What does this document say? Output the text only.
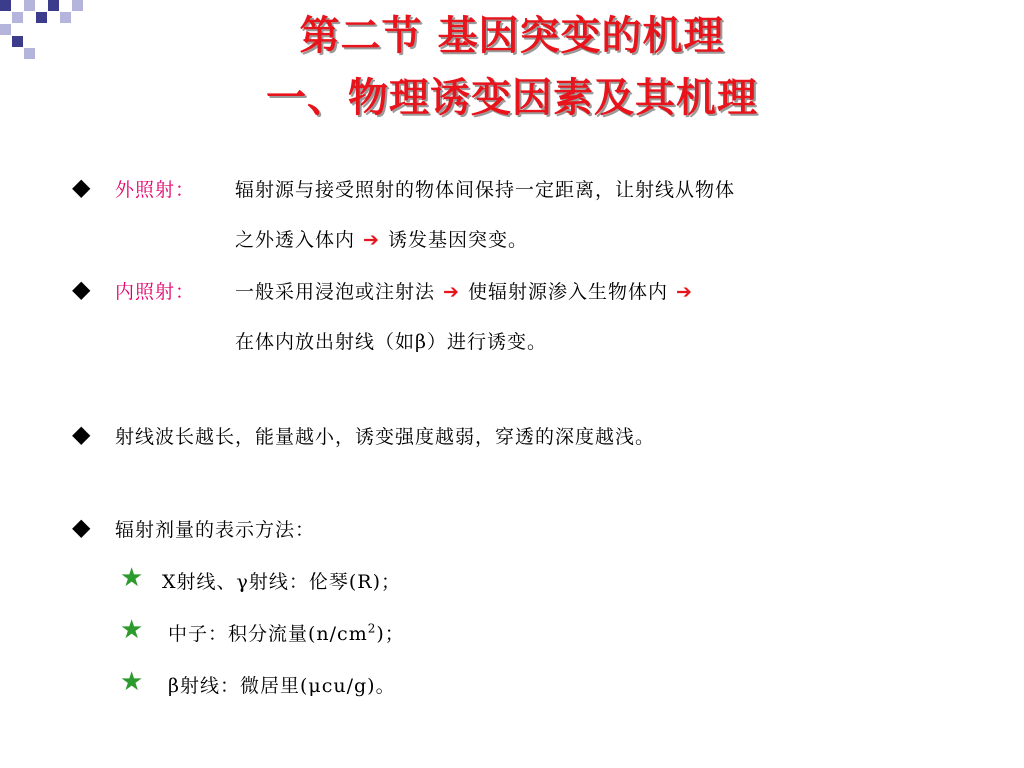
第二节 基因突变的机理
一、物理诱变因素及其机理
◆ 外照射： 辐射源与接受照射的物体间保持一定距离，让射线从物体
之外透入体内 ➔ 诱发基因突变。
◆ 内照射： 一般采用浸泡或注射法 ➔ 使辐射源渗入生物体内 ➔
在体内放出射线（如β）进行诱变。
◆ 射线波长越长，能量越小，诱变强度越弱，穿透的深度越浅。
◆ 辐射剂量的表示方法：
★ X射线、γ射线：伦琴(R)；
★ 中子：积分流量$(n/cm^2)$；
★ β射线：微居里(μcu/g)。
